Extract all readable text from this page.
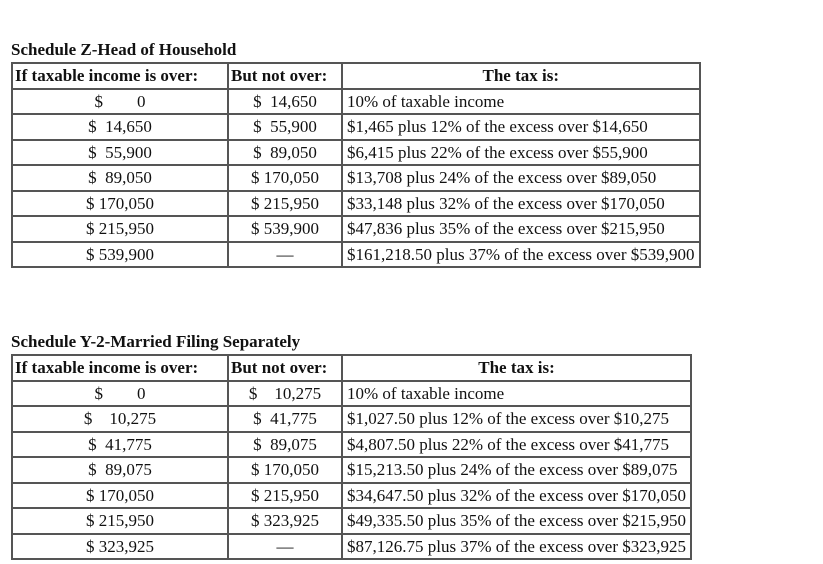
Schedule Z-Head of Household
If taxable income is over:	But not over:	The tax is:
$        0	$  14,650	10% of taxable income
$  14,650	$  55,900	$1,465 plus 12% of the excess over $14,650
$  55,900	$  89,050	$6,415 plus 22% of the excess over $55,900
$  89,050	$ 170,050	$13,708 plus 24% of the excess over $89,050
$ 170,050	$ 215,950	$33,148 plus 32% of the excess over $170,050
$ 215,950	$ 539,900	$47,836 plus 35% of the excess over $215,950
$ 539,900	—	$161,218.50 plus 37% of the excess over $539,900
Schedule Y-2-Married Filing Separately
If taxable income is over:	But not over:	The tax is:
$        0	$    10,275	10% of taxable income
$    10,275	$  41,775	$1,027.50 plus 12% of the excess over $10,275
$  41,775	$  89,075	$4,807.50 plus 22% of the excess over $41,775
$  89,075	$ 170,050	$15,213.50 plus 24% of the excess over $89,075
$ 170,050	$ 215,950	$34,647.50 plus 32% of the excess over $170,050
$ 215,950	$ 323,925	$49,335.50 plus 35% of the excess over $215,950
$ 323,925	—	$87,126.75 plus 37% of the excess over $323,925
